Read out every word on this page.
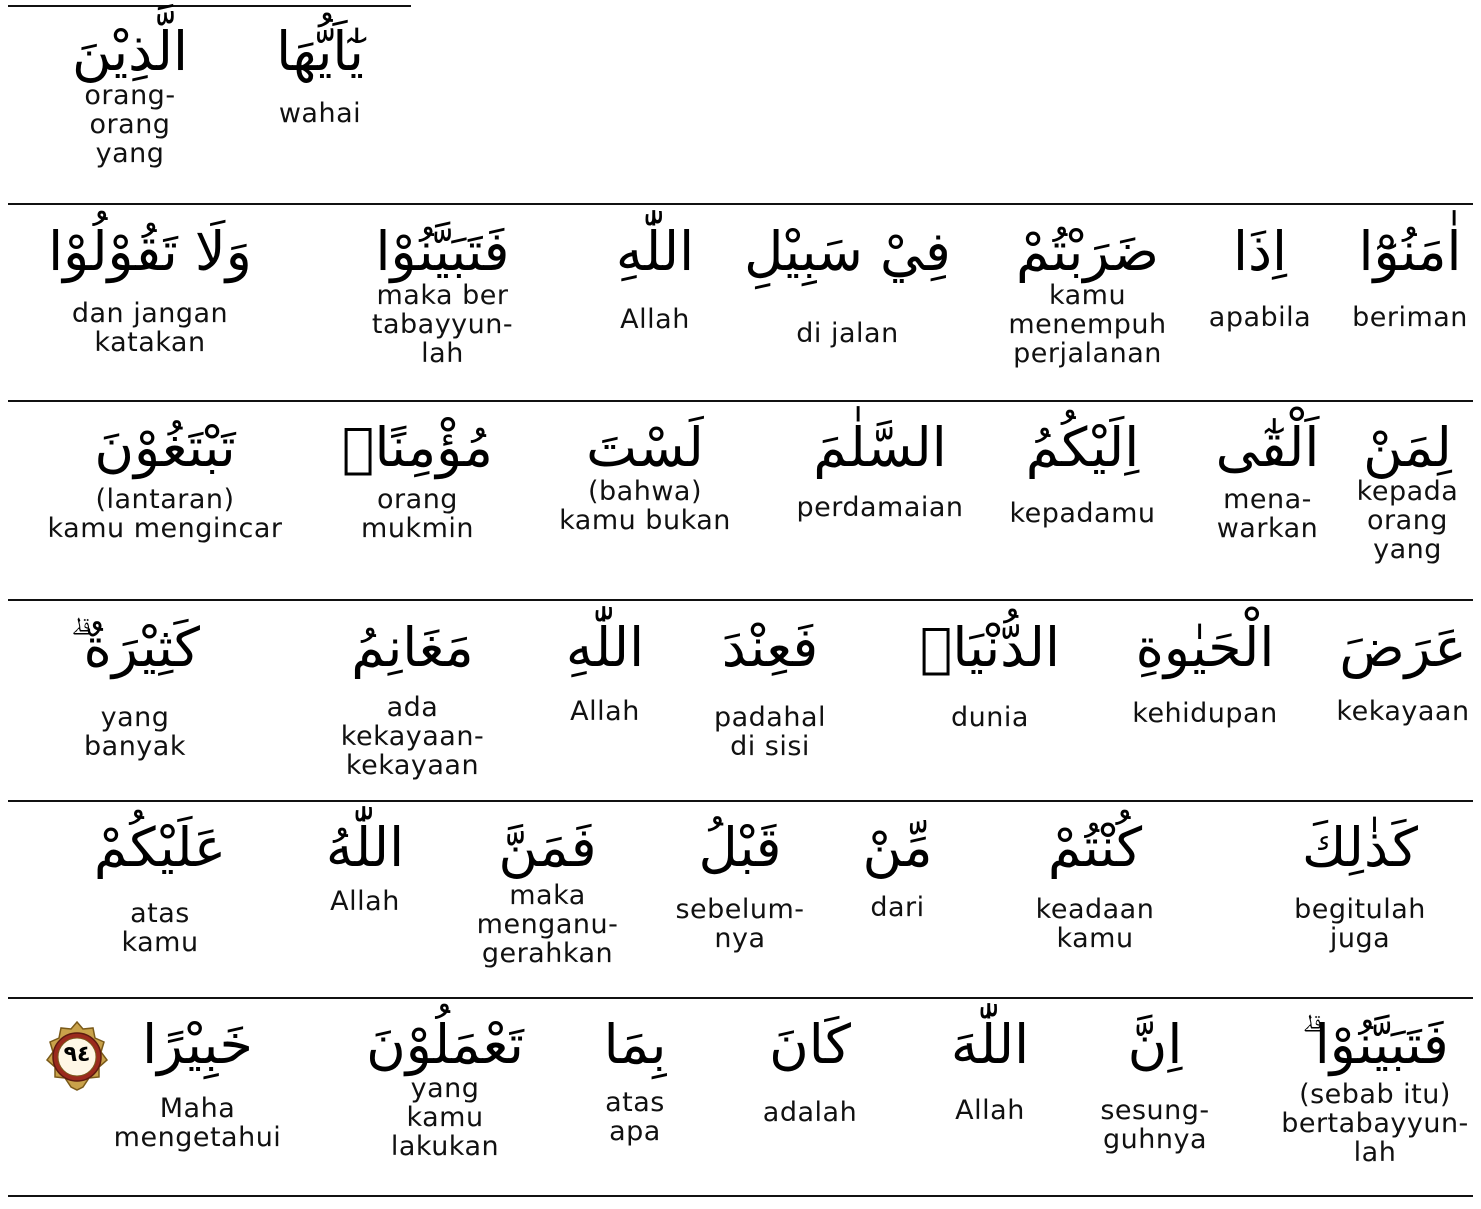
يٰٓاَيُّهَا
wahai
الَّذِيْنَ
orang-
orang
yang
اٰمَنُوْٓا
beriman
اِذَا
apabila
ضَرَبْتُمْ
kamu
menempuh
perjalanan
فِيْ سَبِيْلِ
di jalan
اللّٰهِ
Allah
فَتَبَيَّنُوْا
maka ber
tabayyun-
lah
وَلَا تَقُوْلُوْا
dan jangan
katakan
لِمَنْ
kepada
orang
yang
اَلْقٰٓى
mena-
warkan
اِلَيْكُمُ
kepadamu
السَّلٰمَ
perdamaian
لَسْتَ
(bahwa)
kamu bukan
مُؤْمِنًاۚ
orang
mukmin
تَبْتَغُوْنَ
(lantaran)
kamu mengincar
عَرَضَ
kekayaan
الْحَيٰوةِ
kehidupan
الدُّنْيَاۖ
dunia
فَعِنْدَ
padahal
di sisi
اللّٰهِ
Allah
مَغَانِمُ
ada
kekayaan-
kekayaan
كَثِيْرَةٌ ۗ
yang
banyak
كَذٰلِكَ
begitulah
juga
كُنْتُمْ
keadaan
kamu
مِّنْ
dari
قَبْلُ
sebelum-
nya
فَمَنَّ
maka
menganu-
gerahkan
اللّٰهُ
Allah
عَلَيْكُمْ
atas
kamu
فَتَبَيَّنُوْا ۗ
(sebab itu)
bertabayyun-
lah
اِنَّ
sesung-
guhnya
اللّٰهَ
Allah
كَانَ
adalah
بِمَا
atas
apa
تَعْمَلُوْنَ
yang
kamu
lakukan
خَبِيْرًا
Maha
mengetahui
٩٤
